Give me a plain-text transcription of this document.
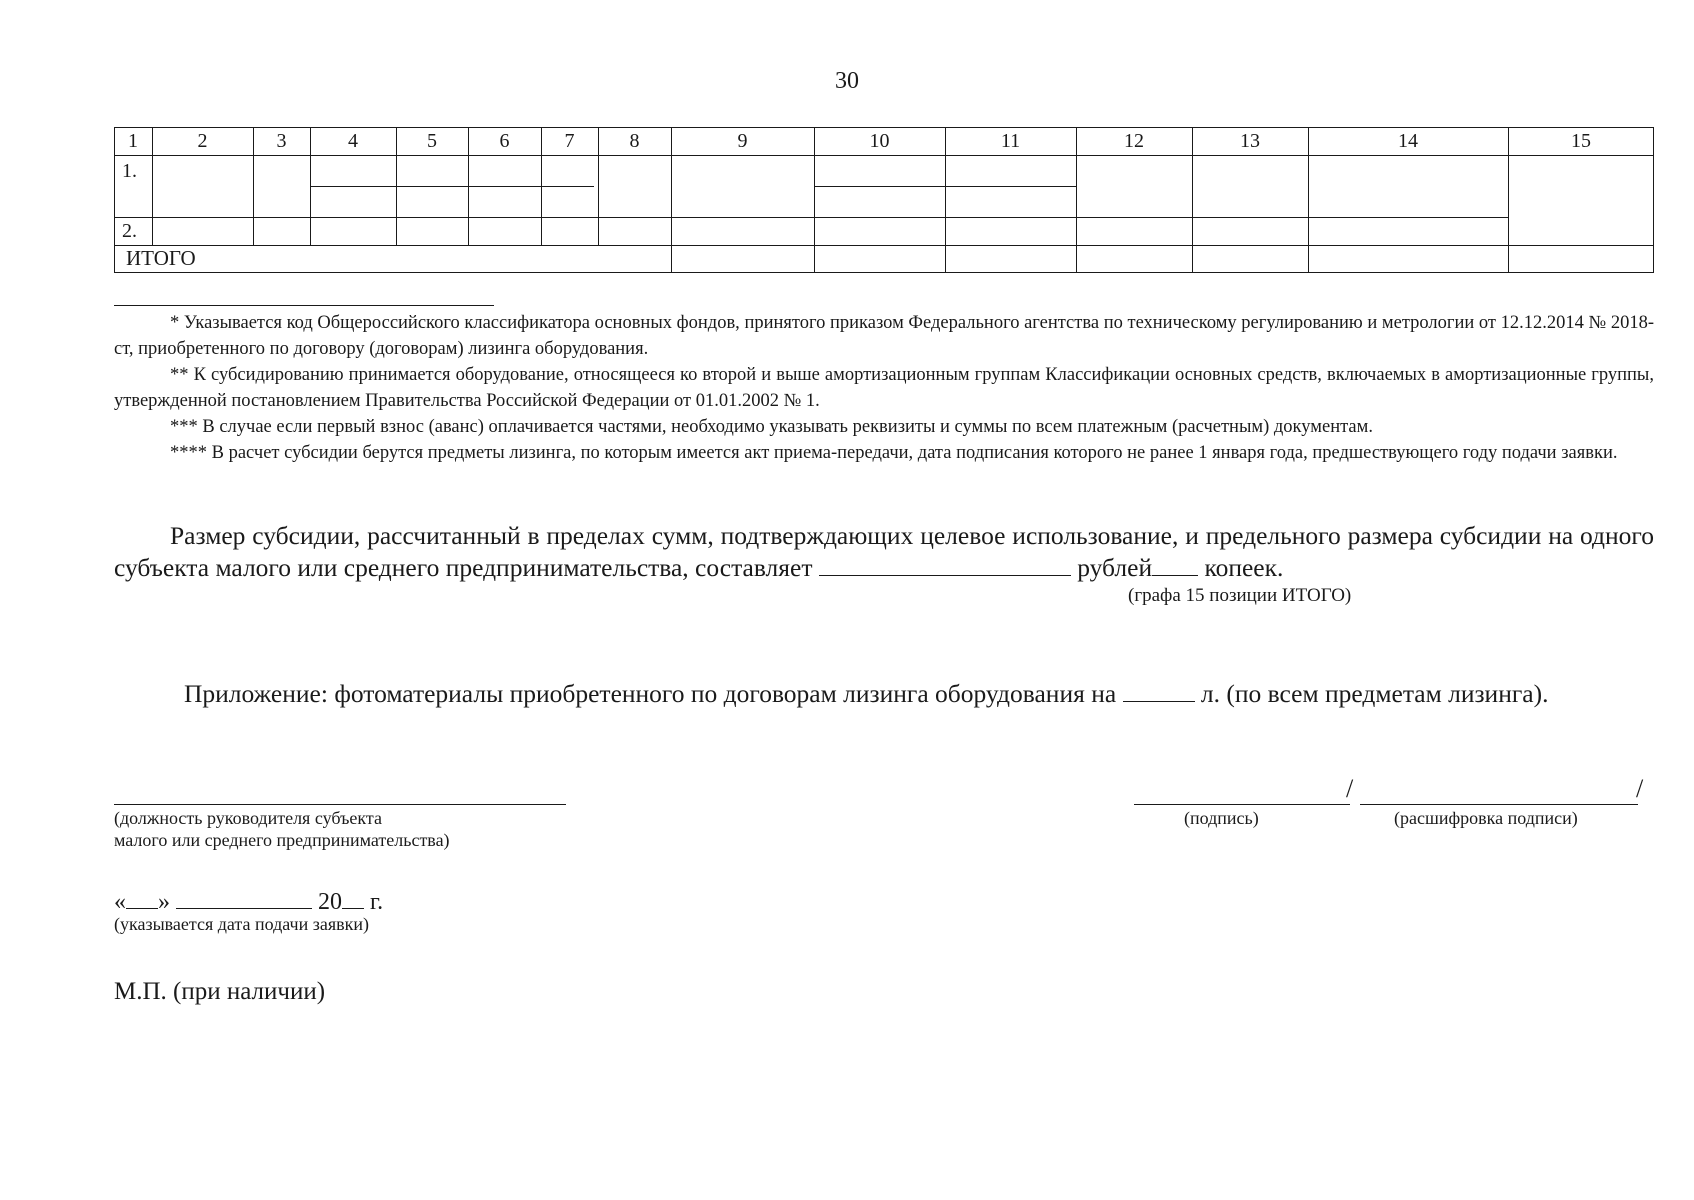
30
1	2	3	4	5	6	7	8	9	10	11	12	13	14	15
1.
2.
ИТОГО
* Указывается код Общероссийского классификатора основных фондов, принятого приказом Федерального агентства по техническому регулированию и метрологии от 12.12.2014 № 2018-ст, приобретенного по договору (договорам) лизинга оборудования.
** К субсидированию принимается оборудование, относящееся ко второй и выше амортизационным группам Классификации основных средств, включаемых в амортизационные группы, утвержденной постановлением Правительства Российской Федерации от 01.01.2002 № 1.
*** В случае если первый взнос (аванс) оплачивается частями, необходимо указывать реквизиты и суммы по всем платежным (расчетным) документам.
**** В расчет субсидии берутся предметы лизинга, по которым имеется акт приема-передачи, дата подписания которого не ранее 1 января года, предшествующего году подачи заявки.
Размер субсидии, рассчитанный в пределах сумм, подтверждающих целевое использование, и предельного размера субсидии на одного субъекта малого или среднего предпринимательства, составляет	рублей копеек.
(графа 15 позиции ИТОГО)
Приложение: фотоматериалы приобретенного по договорам лизинга оборудования на	л. (по всем предметам лизинга).
(должность руководителя субъекта
малого или среднего предпринимательства)
/	/
(подпись)	(расшифровка подписи)
« »	20 г.
(указывается дата подачи заявки)
М.П. (при наличии)
